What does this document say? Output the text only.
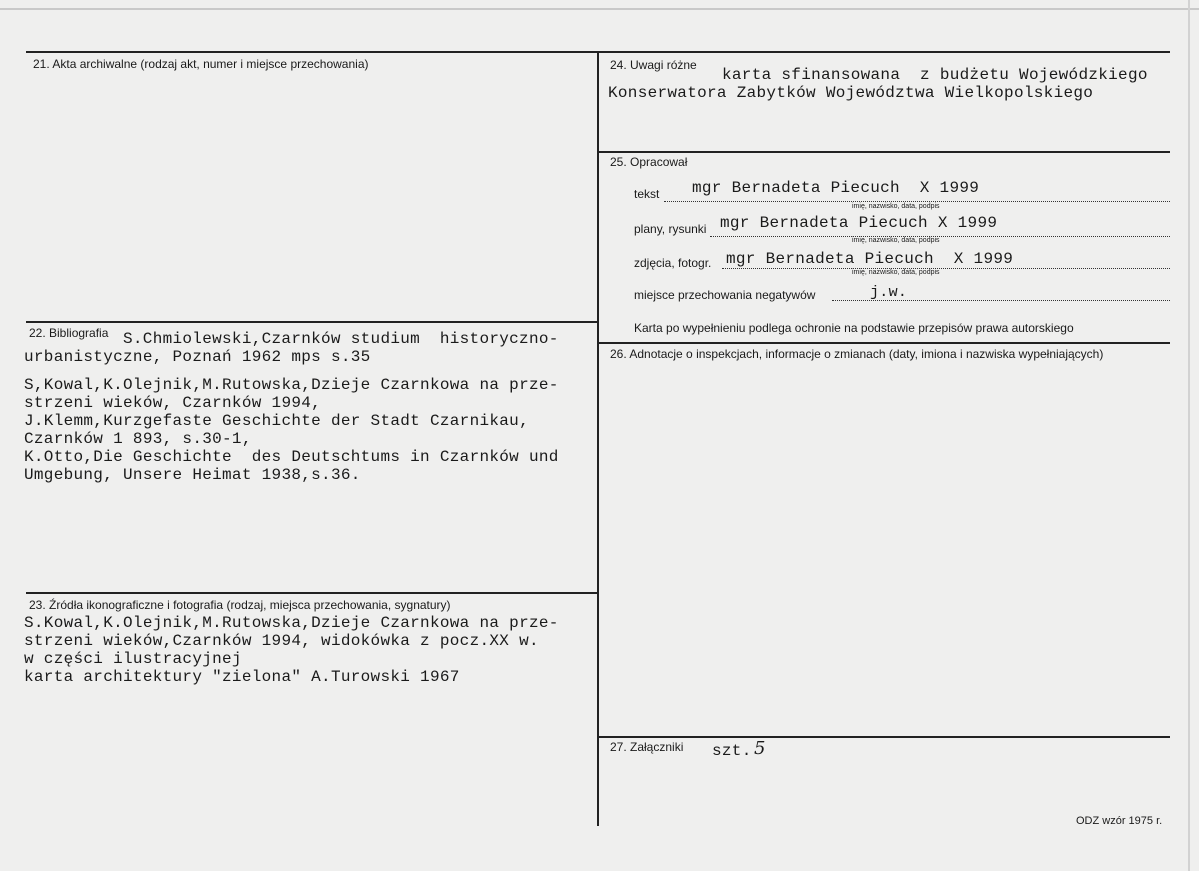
21. Akta archiwalne (rodzaj akt, numer i miejsce przechowania)
22. Bibliografia S.Chmiolewski,Czarnków studium  historyczno-
urbanistyczne, Poznań 1962 mps s.35
S,Kowal,K.Olejnik,M.Rutowska,Dzieje Czarnkowa na prze-
strzeni wieków, Czarnków 1994,
J.Klemm,Kurzgefaste Geschichte der Stadt Czarnikau,
Czarnków 1 893, s.30-1,
K.Otto,Die Geschichte  des Deutschtums in Czarnków und
Umgebung, Unsere Heimat 1938,s.36.
23. Źródła ikonograficzne i fotografia (rodzaj, miejsca przechowania, sygnatury)
S.Kowal,K.Olejnik,M.Rutowska,Dzieje Czarnkowa na prze-
strzeni wieków,Czarnków 1994, widokówka z pocz.XX w.
w części ilustracyjnej
karta architektury "zielona" A.Turowski 1967
24. Uwagi różne
karta sfinansowana  z budżetu Wojewódzkiego
Konserwatora Zabytków Województwa Wielkopolskiego
25. Opracował
tekst mgr Bernadeta Piecuch  X 1999
imię, nazwisko, data, podpis
plany, rysunki mgr Bernadeta Piecuch X 1999
imię, nazwisko, data, podpis
zdjęcia, fotogr. mgr Bernadeta Piecuch  X 1999
imię, nazwisko, data, podpis
miejsce przechowania negatywów	j.w.
Karta po wypełnieniu podlega ochronie na podstawie przepisów prawa autorskiego
26. Adnotacje o inspekcjach, informacje o zmianach (daty, imiona i nazwiska wypełniających)
27. Załączniki szt. 5
ODZ wzór 1975 r.
